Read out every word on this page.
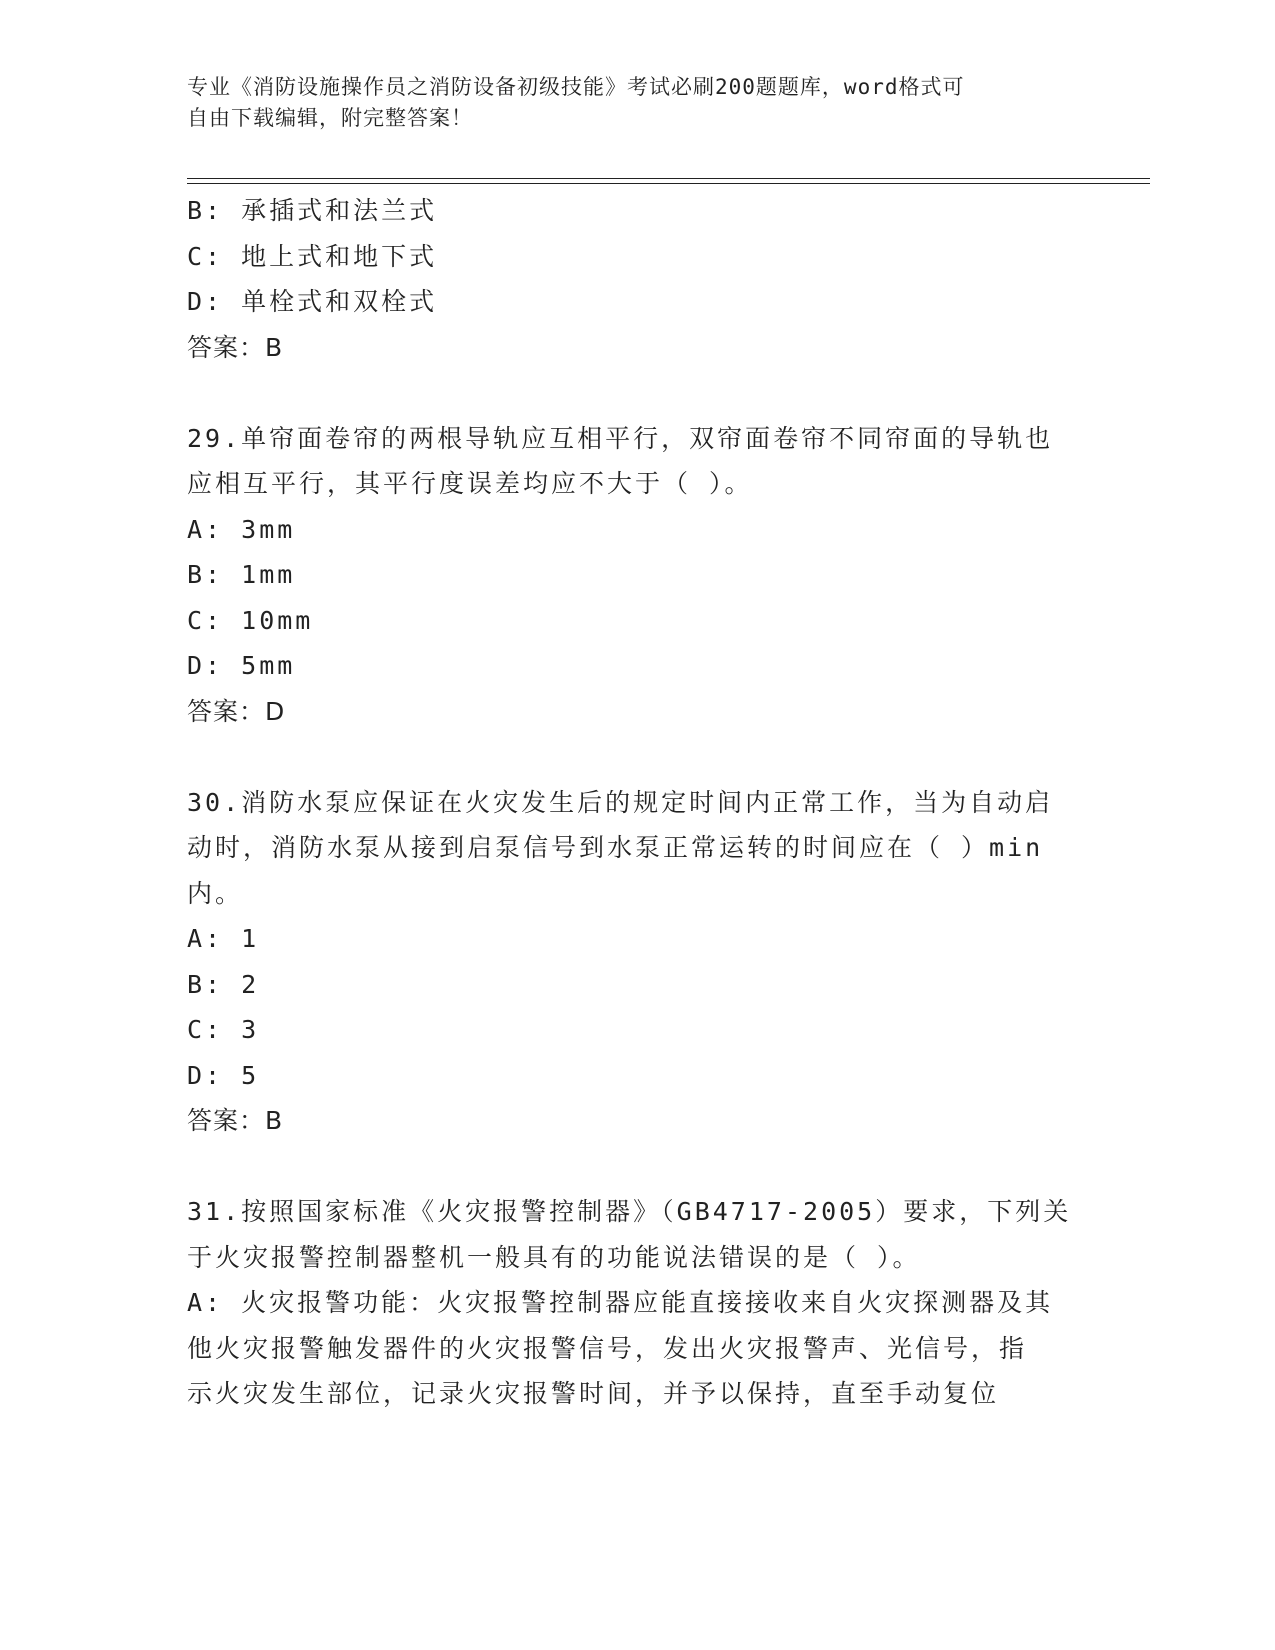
专业《消防设施操作员之消防设备初级技能》考试必刷200题题库，word格式可
自由下载编辑，附完整答案！
B: 承插式和法兰式
C: 地上式和地下式
D: 单栓式和双栓式
答案：B
29.单帘面卷帘的两根导轨应互相平行，双帘面卷帘不同帘面的导轨也
应相互平行，其平行度误差均应不大于（ ）。
A: 3mm
B: 1mm
C: 10mm
D: 5mm
答案：D
30.消防水泵应保证在火灾发生后的规定时间内正常工作，当为自动启
动时，消防水泵从接到启泵信号到水泵正常运转的时间应在（ ）min
内。
A: 1
B: 2
C: 3
D: 5
答案：B
31.按照国家标准《火灾报警控制器》（GB4717-2005）要求，下列关
于火灾报警控制器整机一般具有的功能说法错误的是（ ）。
A: 火灾报警功能：火灾报警控制器应能直接接收来自火灾探测器及其
他火灾报警触发器件的火灾报警信号，发出火灾报警声、光信号，指
示火灾发生部位，记录火灾报警时间，并予以保持，直至手动复位
